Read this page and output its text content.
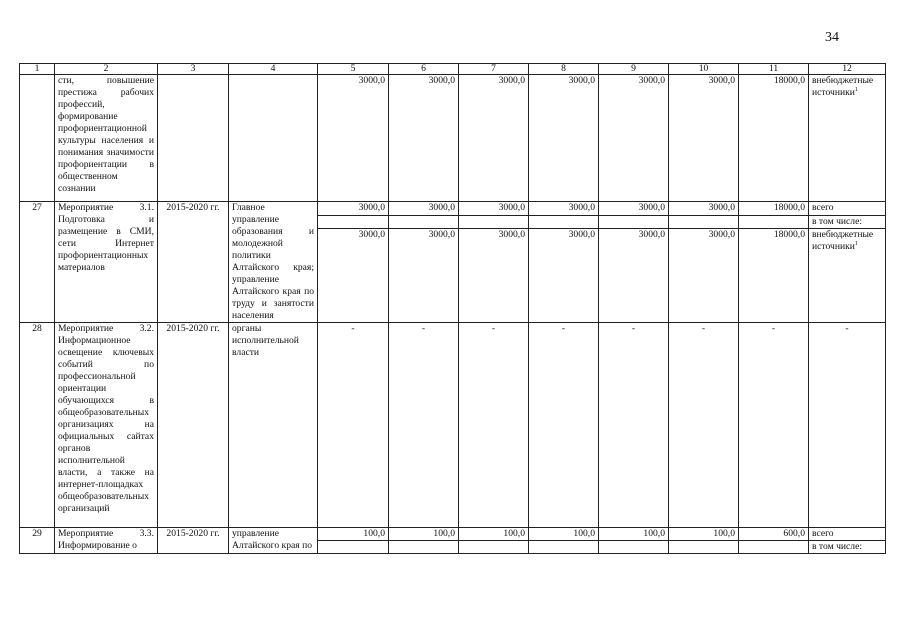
34
1	2	3	4	5	6	7	8	9	10	11	12
	сти, повышение престижа рабочих профессий, формирование профориентационной культуры населения и понимания значимости профориентации в общественном сознании			3000,0	3000,0	3000,0	3000,0	3000,0	3000,0	18000,0	внебюджетные источники$^1$
27	Мероприятие 3.1. Подготовка и размещение в СМИ, сети Интернет профориентационных материалов	2015-2020 гг.	Главное управление образования и молодежной политики Алтайского края; управление Алтайского края по труду и занятости населения	3000,0	3000,0	3000,0	3000,0	3000,0	3000,0	18000,0	всего
											в том числе:
				3000,0	3000,0	3000,0	3000,0	3000,0	3000,0	18000,0	внебюджетные источники$^1$
28	Мероприятие 3.2. Информационное освещение ключевых событий по профессиональной ориентации обучающихся в общеобразовательных организациях на официальных сайтах органов исполнительной власти, а также на интернет-площадках общеобразовательных организаций	2015-2020 гг.	органы исполнительной власти	-	-	-	-	-	-	-	-
29	Мероприятие 3.3. Информирование о	2015-2020 гг.	управление Алтайского края по	100,0	100,0	100,0	100,0	100,0	100,0	600,0	всего
											в том числе:
